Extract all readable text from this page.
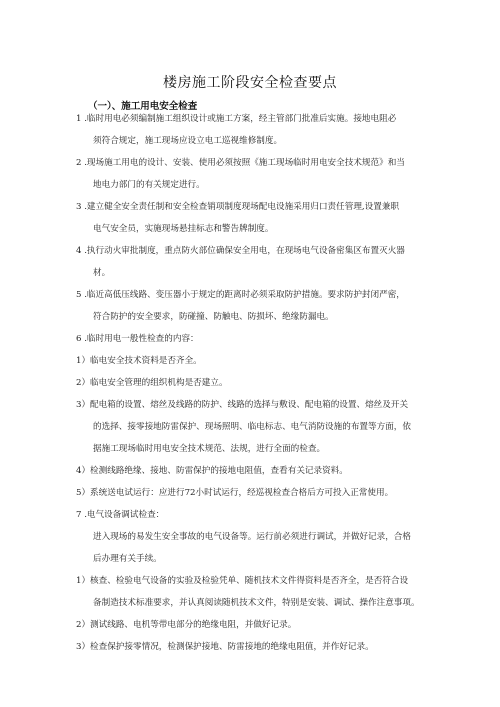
楼房施工阶段安全检查要点
（一）、施工用电安全检查
1 .临时用电必须编制施工组织设计或施工方案，经主管部门批准后实施。接地电阻必
须符合规定，施工现场应设立电工巡视维修制度。
2 .现场施工用电的设计、安装、使用必须按照《施工现场临时用电安全技术规范》和当
地电力部门的有关规定进行。
3 .建立健全安全责任制和安全检查销项制度现场配电设施采用归口责任管理,设置兼职
电气安全员，实施现场悬挂标志和警告牌制度。
4 .执行动火审批制度，重点防火部位确保安全用电，在现场电气设备密集区布置灭火器
材。
5 .临近高低压线路、变压器小于规定的距离时必须采取防护措施。要求防护封闭严密，
符合防护的安全要求，防碰撞、防触电、防损坏、绝缘防漏电。
6 .临时用电一般性检查的内容：
1）临电安全技术资料是否齐全。
2）临电安全管理的组织机构是否建立。
3）配电箱的设置、熔丝及线路的防护、线路的选择与敷设、配电箱的设置、熔丝及开关
的选择、接零接地防雷保护、现场照明、临电标志、电气消防设施的布置等方面，依
据施工现场临时用电安全技术规范、法规，进行全面的检查。
4）检测线路绝缘、接地、防雷保护的接地电阻值，查看有关记录资料。
5）系统送电试运行：应进行72小时试运行，经巡视检查合格后方可投入正常使用。
7 .电气设备调试检查：
进入现场的易发生安全事故的电气设备等。运行前必须进行调试，并做好记录，合格
后办理有关手续。
1）核查、检验电气设备的实验及检验凭单、随机技术文件得资料是否齐全，是否符合设
备制造技术标准要求，并认真阅读随机技术文件，特别是安装、调试、操作注意事项。
2）测试线路、电机等带电部分的绝缘电阻，并做好记录。
3）检查保护接零情况，检测保护接地、防雷接地的绝缘电阻值，并作好记录。
